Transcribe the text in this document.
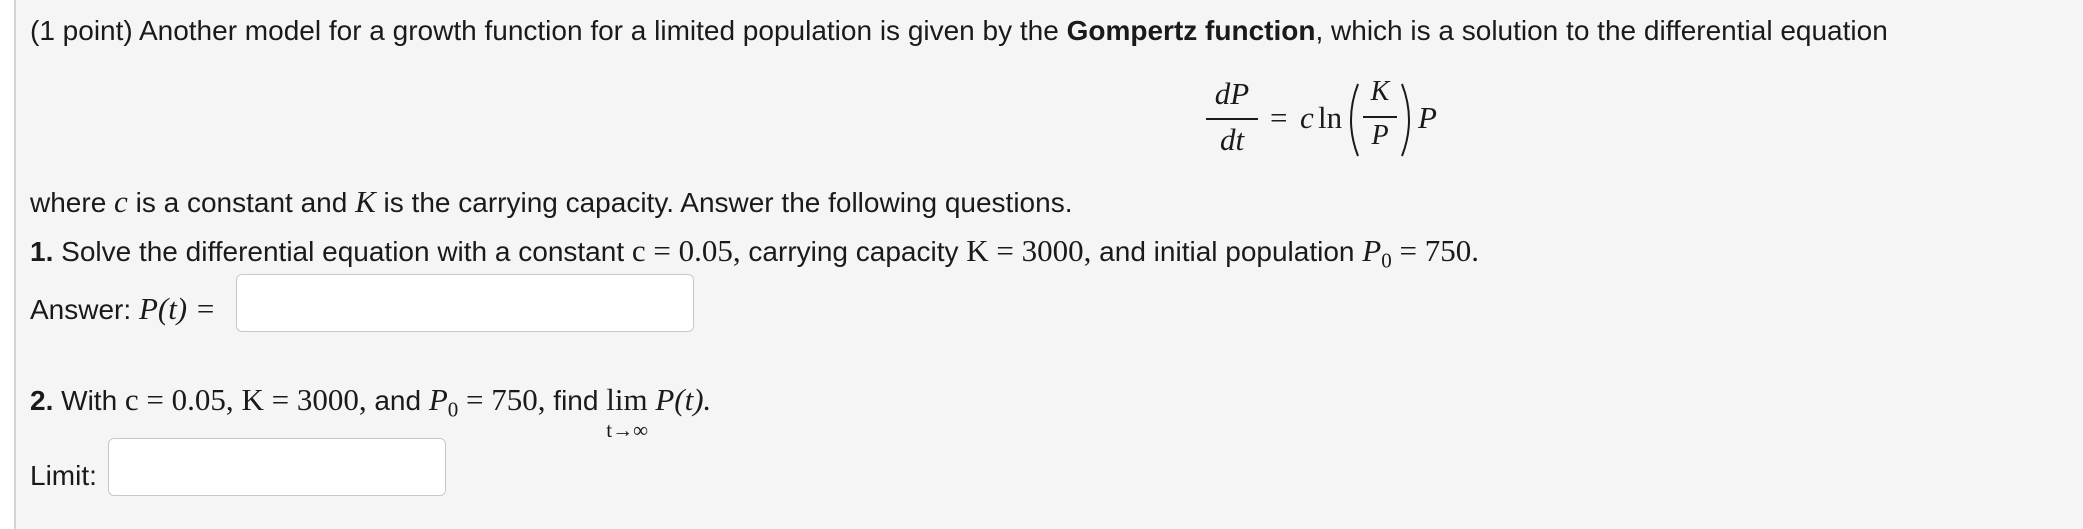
(1 point) Another model for a growth function for a limited population is given by the Gompertz function, which is a solution to the differential equation
dP
dt
= c ln
K
P
P
where c is a constant and K is the carrying capacity. Answer the following questions.
1. Solve the differential equation with a constant c = 0.05, carrying capacity K = 3000, and initial population $P_0 = 750$.
Answer: P(t) =
2. With c = 0.05, K = 3000, and $P_0 = 750$, find lim
t→∞
P(t).
Limit:
